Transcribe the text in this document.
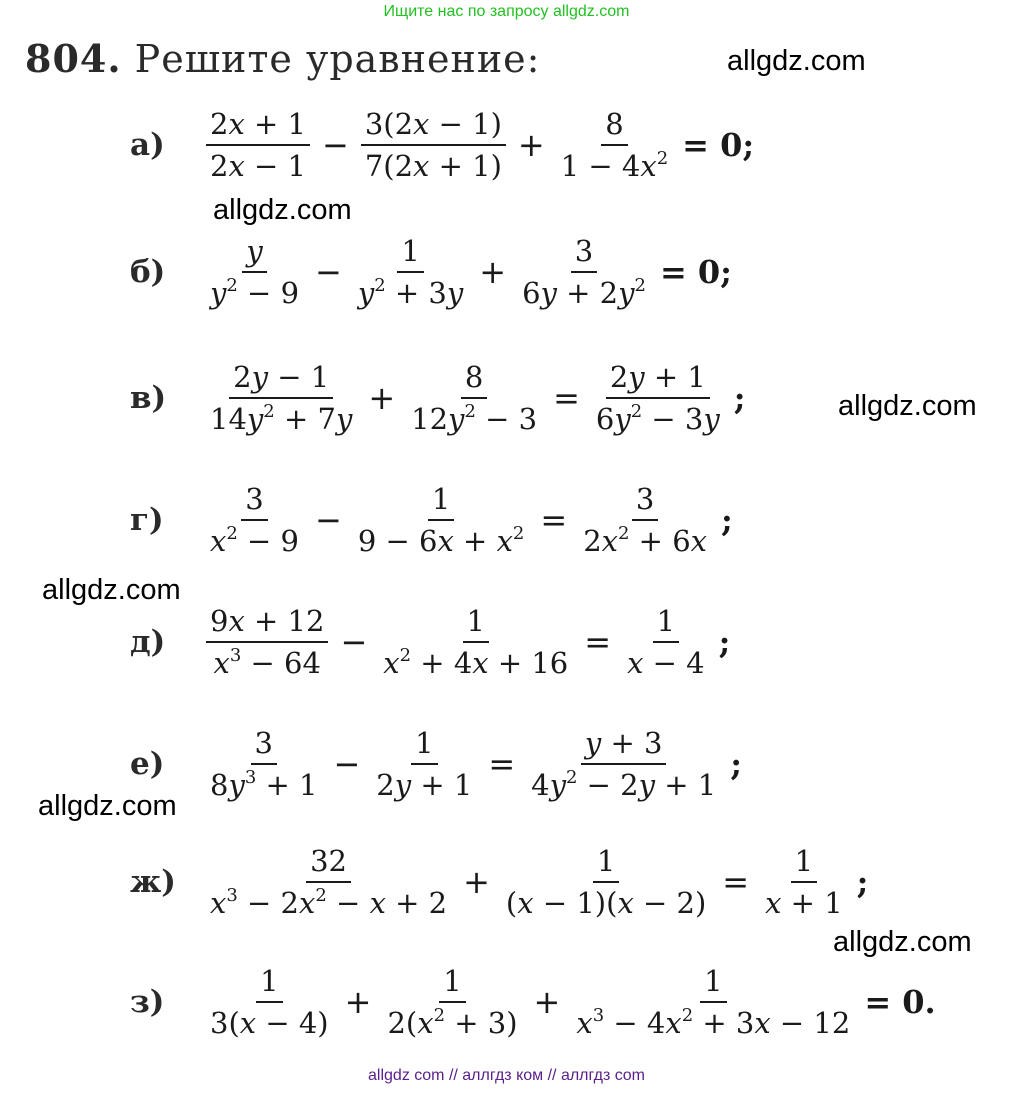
Ищите нас по запросу allgdz.com
allgdz com // аллгдз ком // аллгдз com
allgdz.com
allgdz.com
allgdz.com
allgdz.com
allgdz.com
allgdz.com
804. Решите уравнение:
а)	$\frac{2x + 1}{2x - 1} - \frac{3(2x - 1)}{7(2x + 1)} + \frac{8}{1 - 4x^2} = 0$;
б)	$\frac{y}{y^2 - 9} - \frac{1}{y^2 + 3y} + \frac{3}{6y + 2y^2} = 0$;
в)	$\frac{2y - 1}{14y^2 + 7y} + \frac{8}{12y^2 - 3} = \frac{2y + 1}{6y^2 - 3y}$ ;
г)	$\frac{3}{x^2 - 9} - \frac{1}{9 - 6x + x^2} = \frac{3}{2x^2 + 6x}$ ;
д)	$\frac{9x + 12}{x^3 - 64} - \frac{1}{x^2 + 4x + 16} = \frac{1}{x - 4}$ ;
е)	$\frac{3}{8y^3 + 1} - \frac{1}{2y + 1} = \frac{y + 3}{4y^2 - 2y + 1}$ ;
ж)	$\frac{32}{x^3 - 2x^2 - x + 2} + \frac{1}{(x - 1)(x - 2)} = \frac{1}{x + 1}$ ;
з)	$\frac{1}{3(x - 4)} + \frac{1}{2(x^2 + 3)} + \frac{1}{x^3 - 4x^2 + 3x - 12} = 0$.
